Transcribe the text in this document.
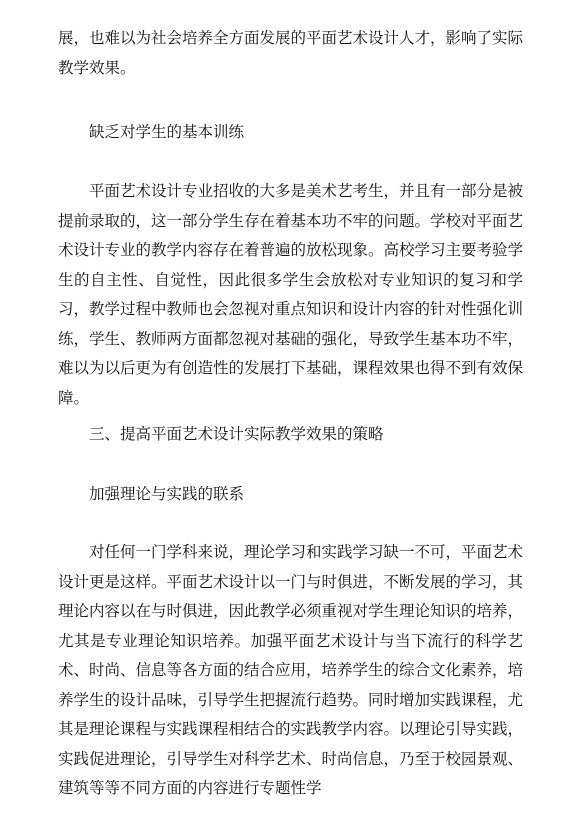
展，也难以为社会培养全方面发展的平面艺术设计人才，影响了实际教学效果。

缺乏对学生的基本训练

平面艺术设计专业招收的大多是美术艺考生，并且有一部分是被提前录取的，这一部分学生存在着基本功不牢的问题。学校对平面艺术设计专业的教学内容存在着普遍的放松现象。高校学习主要考验学生的自主性、自觉性，因此很多学生会放松对专业知识的复习和学习，教学过程中教师也会忽视对重点知识和设计内容的针对性强化训练，学生、教师两方面都忽视对基础的强化，导致学生基本功不牢，难以为以后更为有创造性的发展打下基础，课程效果也得不到有效保障。

三、提高平面艺术设计实际教学效果的策略

加强理论与实践的联系

对任何一门学科来说，理论学习和实践学习缺一不可，平面艺术设计更是这样。平面艺术设计以一门与时俱进，不断发展的学习，其理论内容以在与时俱进，因此教学必须重视对学生理论知识的培养，尤其是专业理论知识培养。加强平面艺术设计与当下流行的科学艺术、时尚、信息等各方面的结合应用，培养学生的综合文化素养，培养学生的设计品味，引导学生把握流行趋势。同时增加实践课程，尤其是理论课程与实践课程相结合的实践教学内容。以理论引导实践，实践促进理论，引导学生对科学艺术、时尚信息，乃至于校园景观、建筑等等不同方面的内容进行专题性学
